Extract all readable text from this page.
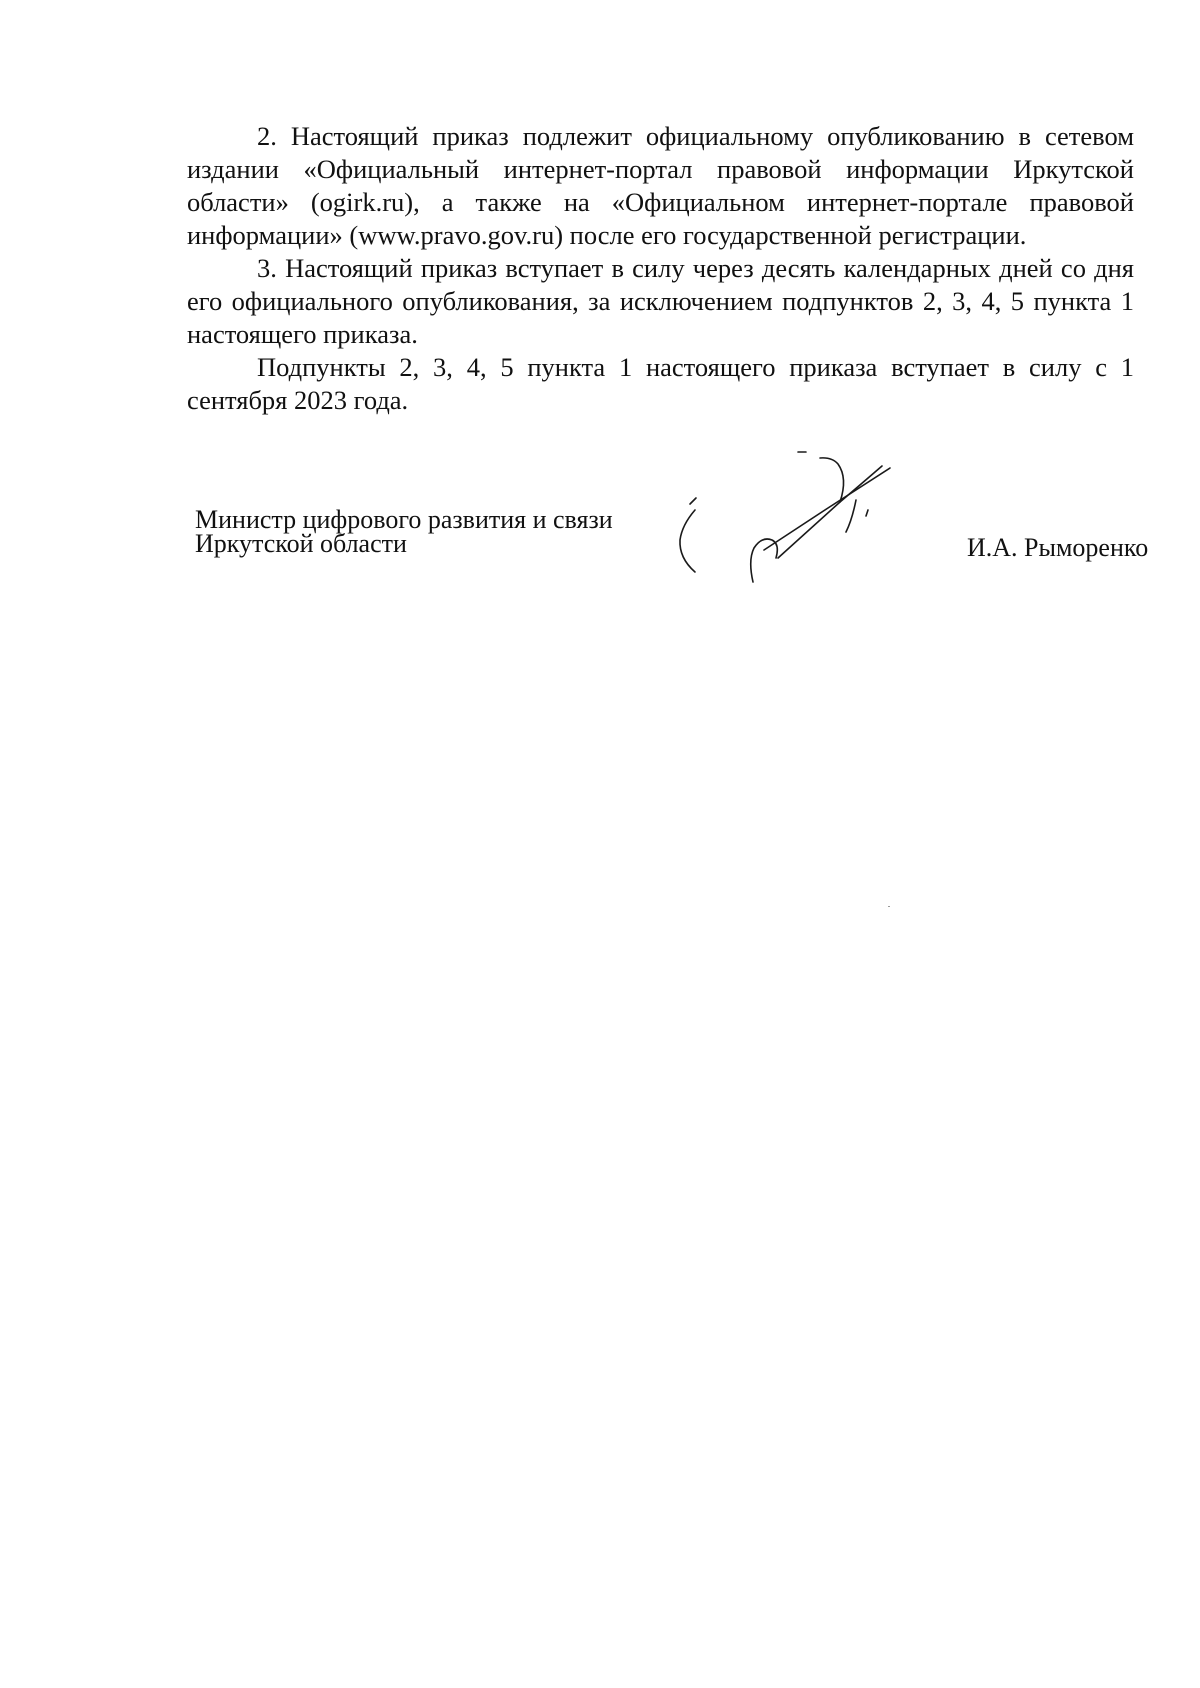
2. Настоящий приказ подлежит официальному опубликованию в сетевом издании «Официальный интернет-портал правовой информации Иркутской области» (ogirk.ru), а также на «Официальном интернет-портале правовой информации» (www.pravo.gov.ru) после его государственной регистрации.

3. Настоящий приказ вступает в силу через десять календарных дней со дня его официального опубликования, за исключением подпунктов 2, 3, 4, 5 пункта 1 настоящего приказа.

Подпункты 2, 3, 4, 5 пункта 1 настоящего приказа вступает в силу с 1 сентября 2023 года.

Министр цифрового развития и связи
Иркутской области	И.А. Рыморенко
